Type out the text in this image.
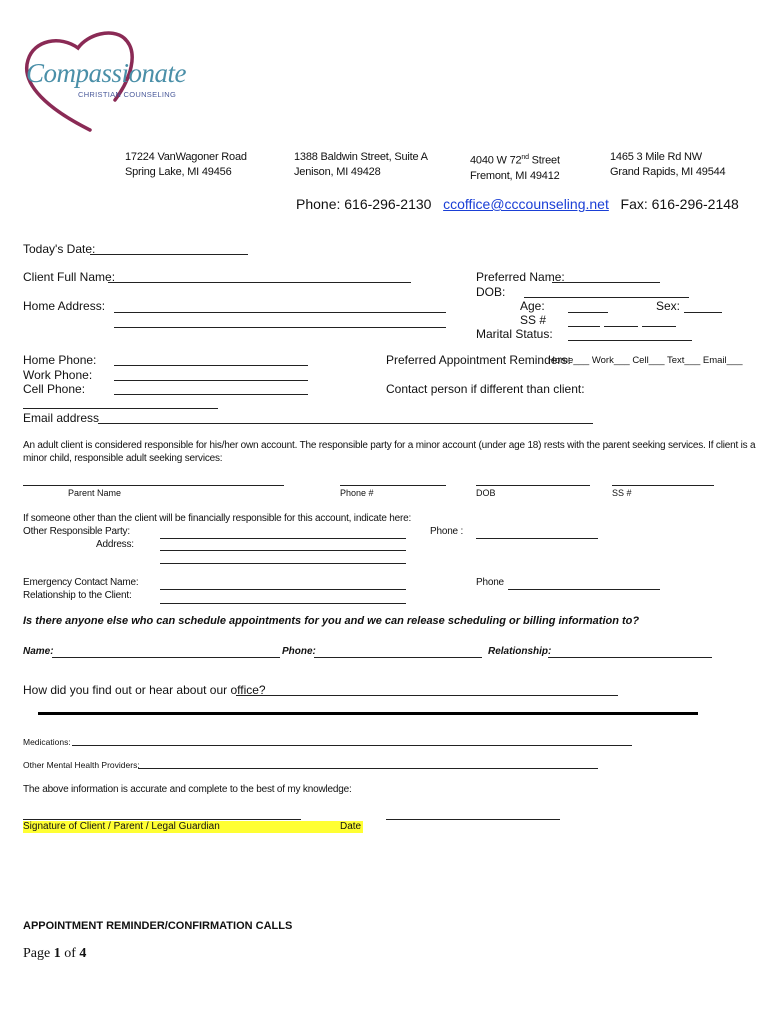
Compassionate
CHRISTIAN COUNSELING
17224 VanWagoner Road
Spring Lake, MI 49456
1388 Baldwin Street, Suite A
Jenison, MI 49428
4040 W 72nd Street
Fremont, MI 49412
1465 3 Mile Rd NW
Grand Rapids, MI 49544
Phone: 616-296-2130 ccoffice@cccounseling.net Fax: 616-296-2148
Today's Date:
Client Full Name:	Preferred Name:
DOB:
Home Address:	Age:	Sex:
SS #
Marital Status:
Home Phone:
Work Phone:
Cell Phone:
Preferred Appointment Reminders:
Home___ Work___ Cell___ Text___ Email___
Contact person if different than client:
Email address
An adult client is considered responsible for his/her own account. The responsible party for a minor account (under age 18) rests with the parent seeking services. If client is a
minor child, responsible adult seeking services:
Parent Name	Phone #	DOB	SS #
If someone other than the client will be financially responsible for this account, indicate here:
Other Responsible Party:
Address:
Phone :
Emergency Contact Name:
Relationship to the Client:
Phone
Is there anyone else who can schedule appointments for you and we can release scheduling or billing information to?
Name:	Phone:	Relationship:
How did you find out or hear about our office?
Medications:
Other Mental Health Providers:
The above information is accurate and complete to the best of my knowledge:
Signature of Client / Parent / Legal Guardian	Date
APPOINTMENT REMINDER/CONFIRMATION CALLS
Page 1 of 4
